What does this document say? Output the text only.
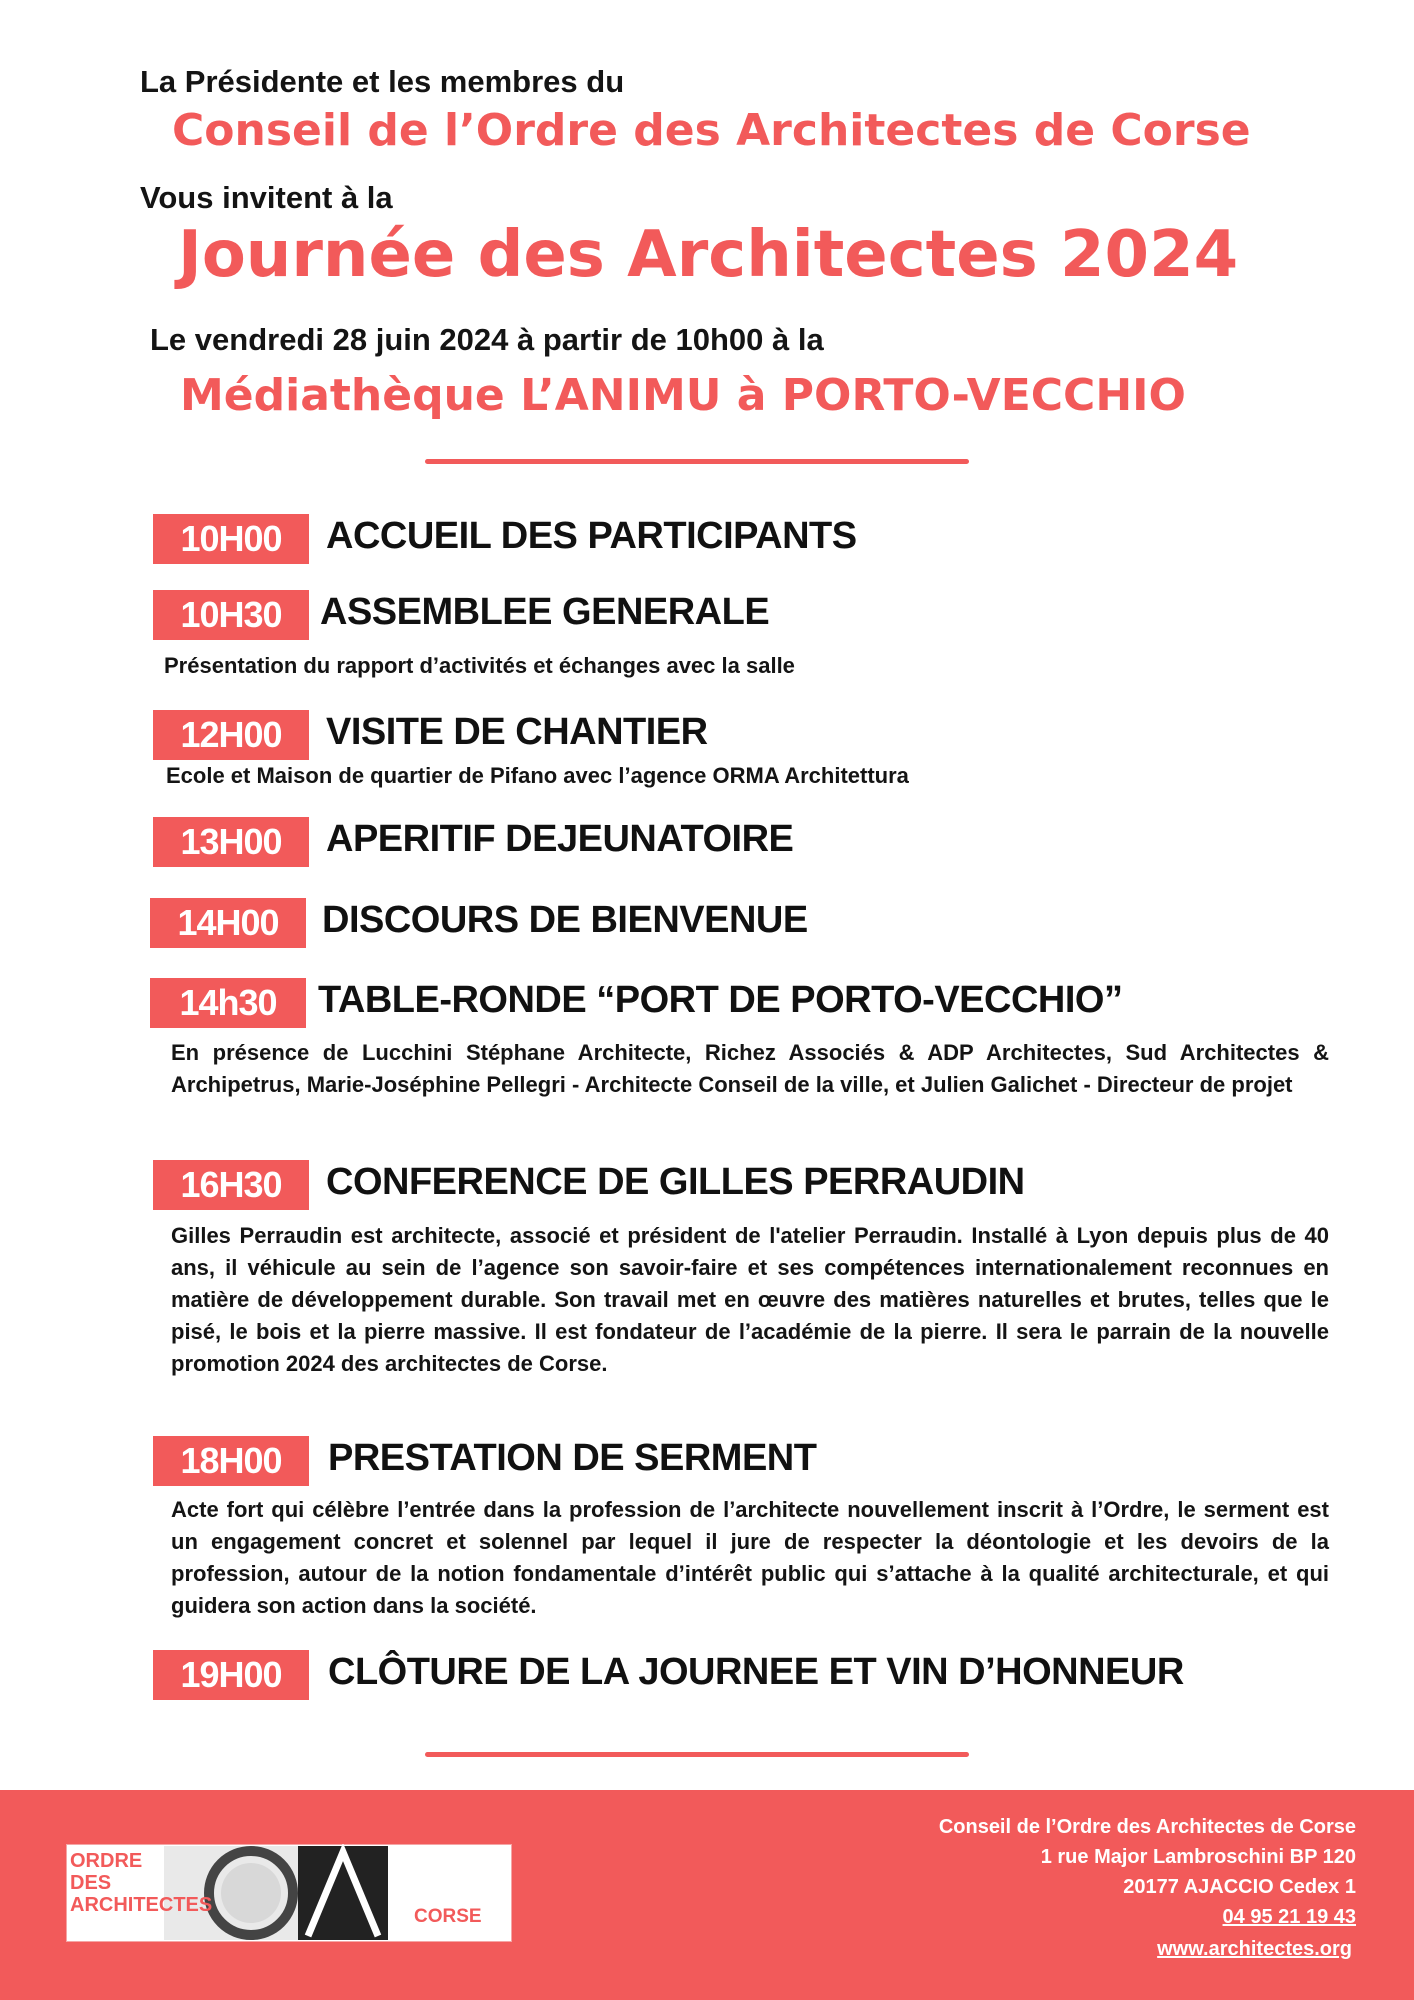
La Présidente et les membres du
Conseil de l’Ordre des Architectes de Corse
Vous invitent à la
Journée des Architectes 2024
Le vendredi 28 juin 2024 à partir de 10h00 à la
Médiathèque L’ANIMU à PORTO-VECCHIO
10H00	ACCUEIL DES PARTICIPANTS
10H30	ASSEMBLEE GENERALE
Présentation du rapport d’activités et échanges avec la salle
12H00	VISITE DE CHANTIER
Ecole et Maison de quartier de Pifano avec l’agence ORMA Architettura
13H00	APERITIF DEJEUNATOIRE
14H00	DISCOURS DE BIENVENUE
14h30	TABLE-RONDE “PORT DE PORTO-VECCHIO”
En présence de Lucchini Stéphane Architecte, Richez Associés & ADP Architectes, Sud Architectes & Archipetrus, Marie-Joséphine Pellegri - Architecte Conseil de la ville, et Julien Galichet - Directeur de projet
16H30	CONFERENCE DE GILLES PERRAUDIN
Gilles Perraudin est architecte, associé et président de l'atelier Perraudin. Installé à Lyon depuis plus de 40 ans, il véhicule au sein de l’agence son savoir-faire et ses compétences internationalement reconnues en matière de développement durable. Son travail met en œuvre des matières naturelles et brutes, telles que le pisé, le bois et la pierre massive. Il est fondateur de l’académie de la pierre. Il sera le parrain de la nouvelle promotion 2024 des architectes de Corse.
18H00	PRESTATION DE SERMENT
Acte fort qui célèbre l’entrée dans la profession de l’architecte nouvellement inscrit à l’Ordre, le serment est un engagement concret et solennel par lequel il jure de respecter la déontologie et les devoirs de la profession, autour de la notion fondamentale d’intérêt public qui s’attache à la qualité architecturale, et qui guidera son action dans la société.
19H00	CLÔTURE DE LA JOURNEE ET VIN D’HONNEUR
ORDRE
DES
ARCHITECTES
CORSE
Conseil de l’Ordre des Architectes de Corse
1 rue Major Lambroschini BP 120
20177 AJACCIO Cedex 1
04 95 21 19 43
www.architectes.org
